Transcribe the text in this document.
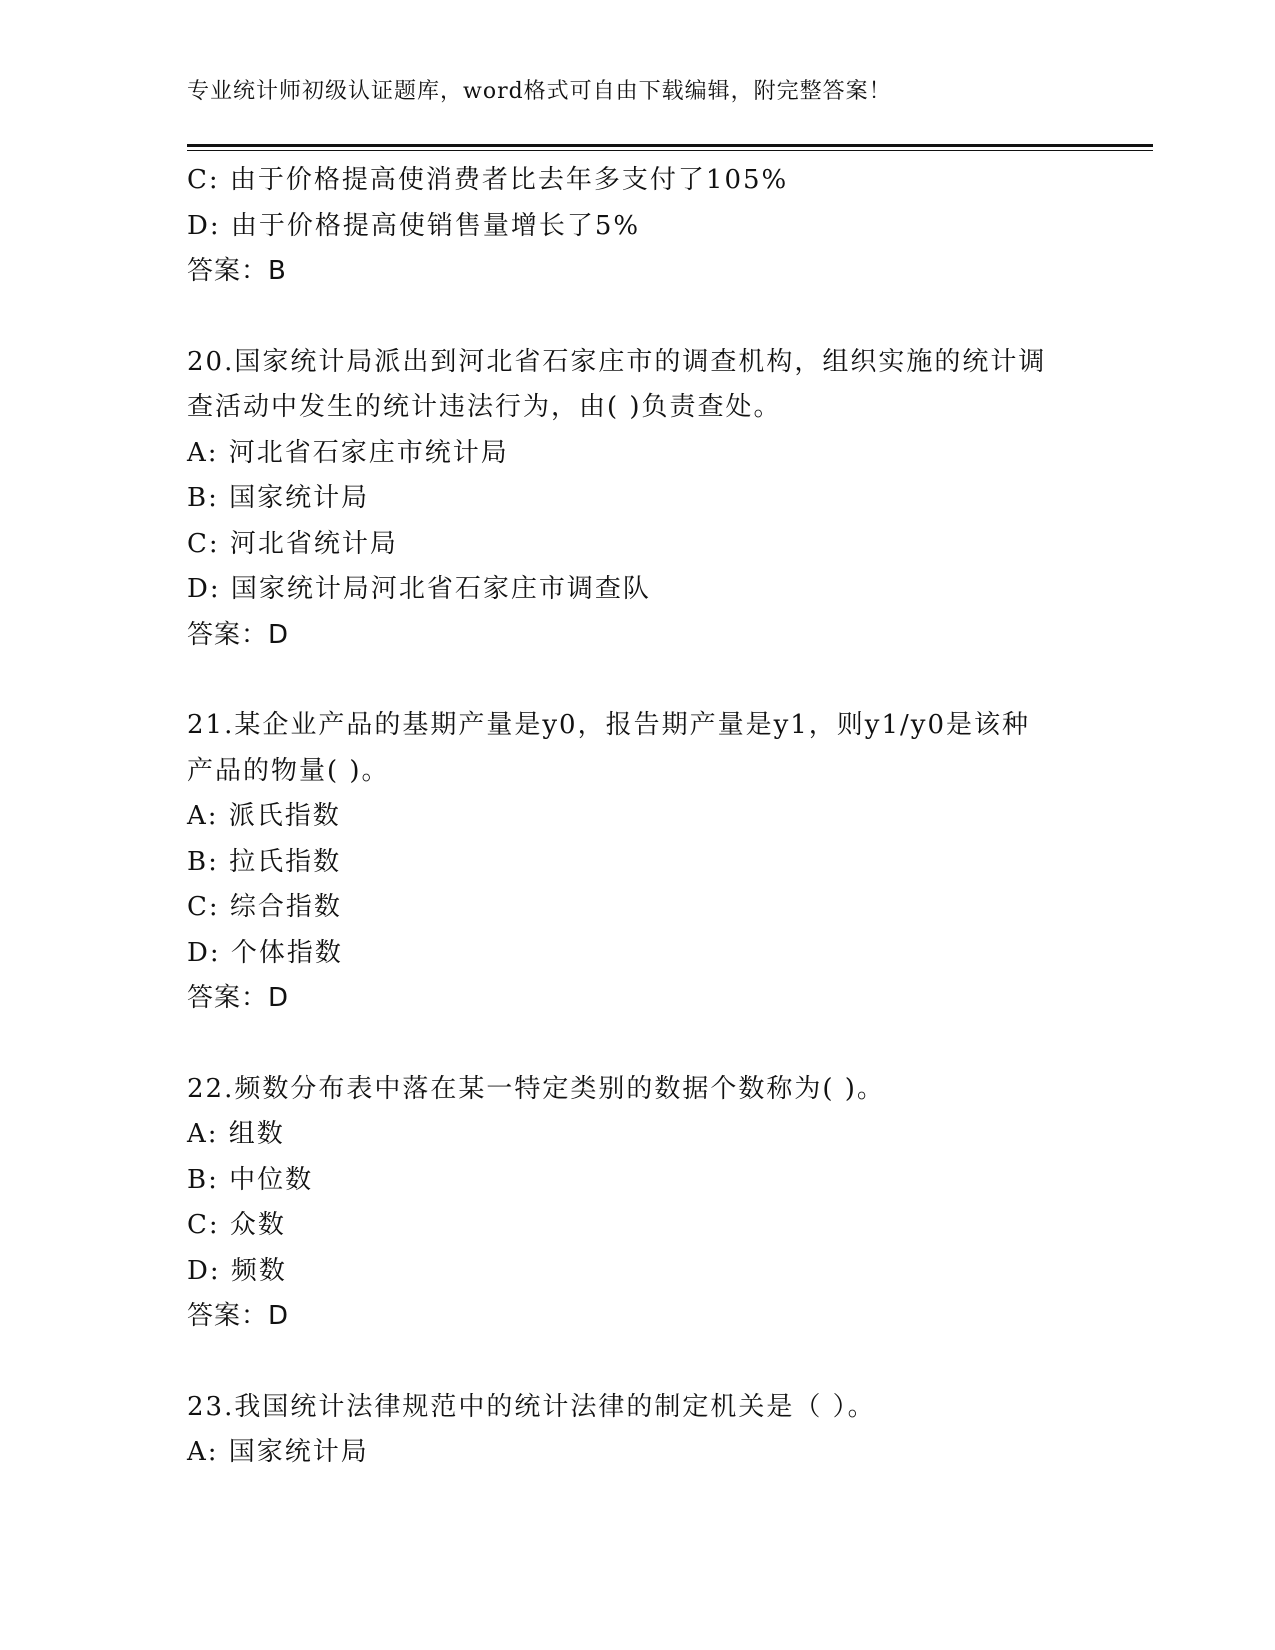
专业统计师初级认证题库，word格式可自由下载编辑，附完整答案！
C: 由于价格提高使消费者比去年多支付了105%
D: 由于价格提高使销售量增长了5%
答案：B
20.国家统计局派出到河北省石家庄市的调查机构，组织实施的统计调
查活动中发生的统计违法行为，由( )负责查处。
A: 河北省石家庄市统计局
B: 国家统计局
C: 河北省统计局
D: 国家统计局河北省石家庄市调查队
答案：D
21.某企业产品的基期产量是y0，报告期产量是y1，则y1/y0是该种
产品的物量( )。
A: 派氏指数
B: 拉氏指数
C: 综合指数
D: 个体指数
答案：D
22.频数分布表中落在某一特定类别的数据个数称为( )。
A: 组数
B: 中位数
C: 众数
D: 频数
答案：D
23.我国统计法律规范中的统计法律的制定机关是（ ）。
A: 国家统计局
